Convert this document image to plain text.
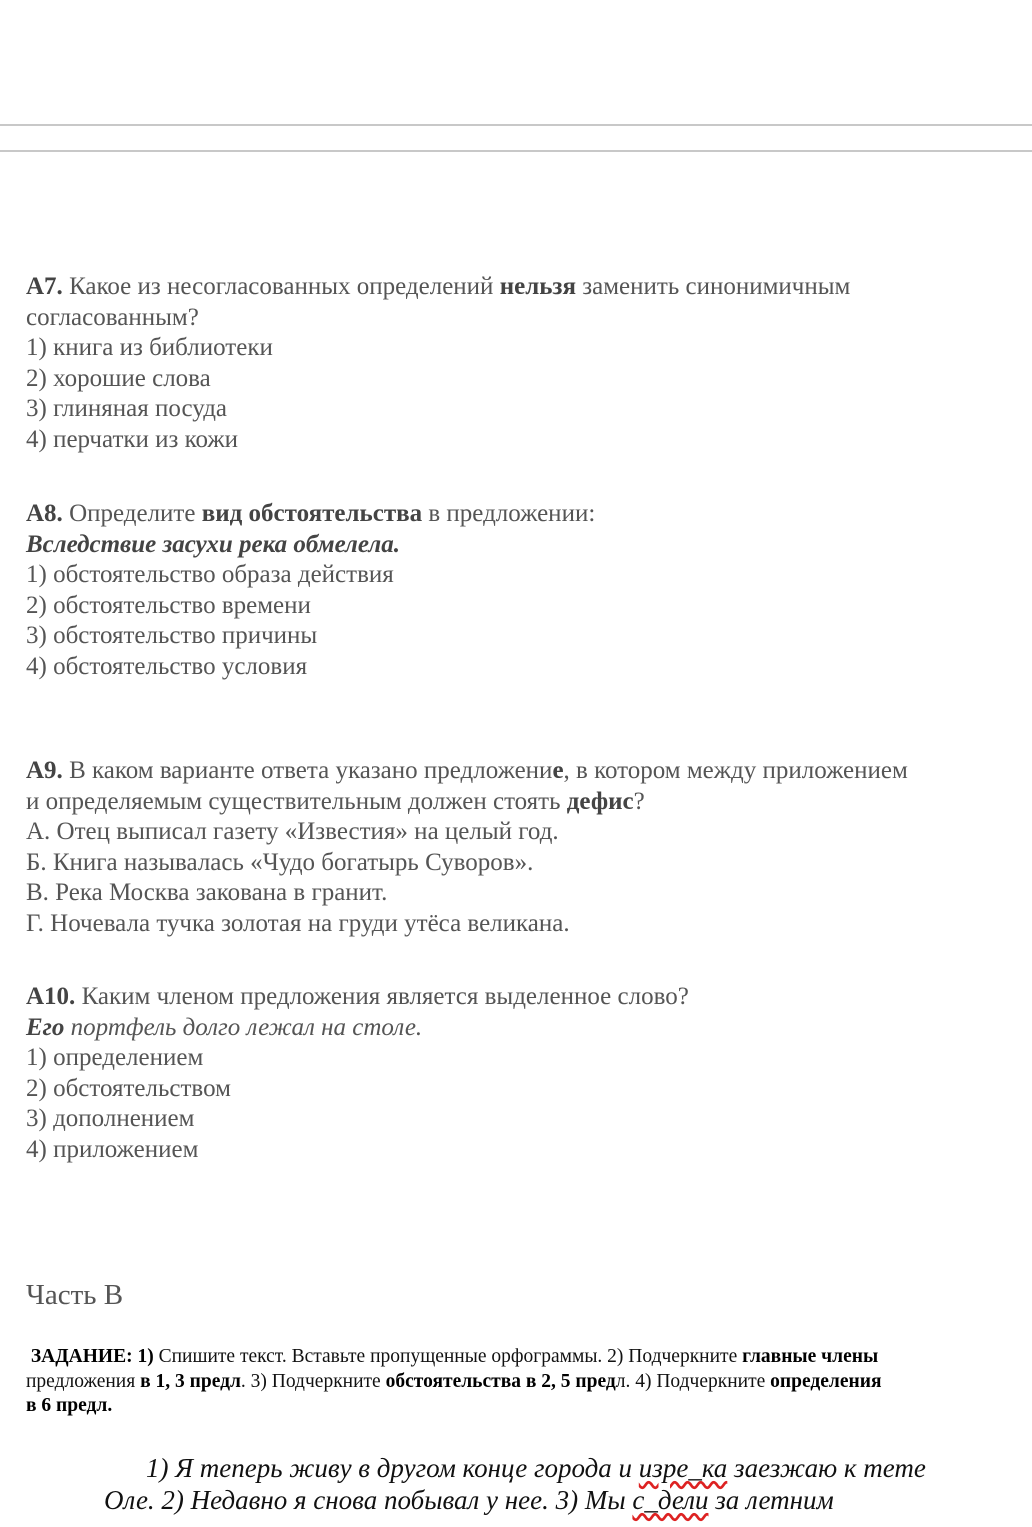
А7. Какое из несогласованных определений нельзя заменить синонимичным
согласованным?
1) книга из библиотеки
2) хорошие слова
3) глиняная посуда
4) перчатки из кожи
А8. Определите вид обстоятельства в предложении:
Вследствие засухи река обмелела.
1) обстоятельство образа действия
2) обстоятельство времени
3) обстоятельство причины
4) обстоятельство условия
А9. В каком варианте ответа указано предложение, в котором между приложением
и определяемым существительным должен стоять дефис?
А. Отец выписал газету «Известия» на целый год.
Б. Книга называлась «Чудо богатырь Суворов».
В. Река Москва закована в гранит.
Г. Ночевала тучка золотая на груди утёса великана.
А10. Каким членом предложения является выделенное слово?
Его портфель долго лежал на столе.
1) определением
2) обстоятельством
3) дополнением
4) приложением
Часть В
ЗАДАНИЕ: 1) Спишите текст. Вставьте пропущенные орфограммы. 2) Подчеркните главные члены
предложения в 1, 3 предл. 3) Подчеркните обстоятельства в 2, 5 предл. 4) Подчеркните определения
в 6 предл.
1) Я теперь живу в другом конце города и изре_ка заезжаю к тете
Оле. 2) Недавно я снова побывал у нее. 3) Мы с_дели за летним
